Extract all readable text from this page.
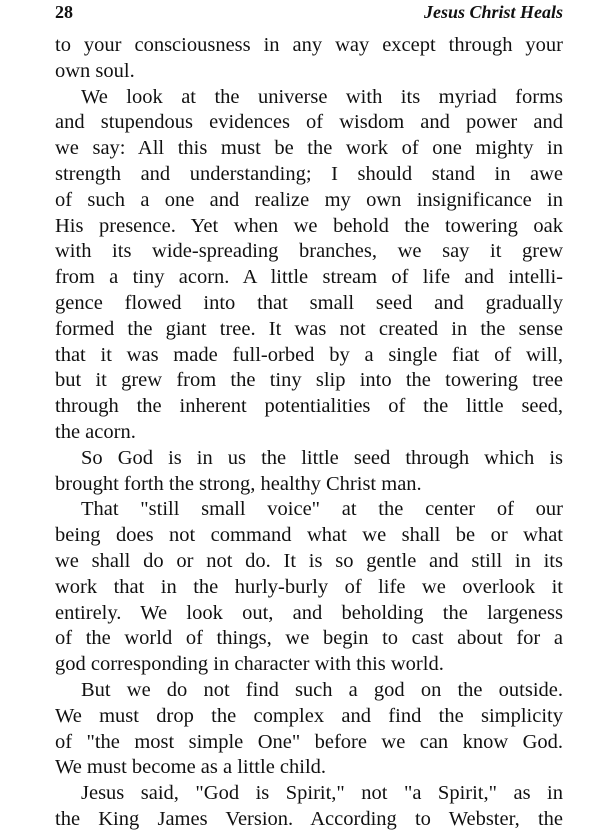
28	Jesus Christ Heals
to your consciousness in any way except through your
own soul.
We look at the universe with its myriad forms
and stupendous evidences of wisdom and power and
we say: All this must be the work of one mighty in
strength and understanding; I should stand in awe
of such a one and realize my own insignificance in
His presence. Yet when we behold the towering oak
with its wide-spreading branches, we say it grew
from a tiny acorn. A little stream of life and intelli-
gence flowed into that small seed and gradually
formed the giant tree. It was not created in the sense
that it was made full-orbed by a single fiat of will,
but it grew from the tiny slip into the towering tree
through the inherent potentialities of the little seed,
the acorn.
So God is in us the little seed through which is
brought forth the strong, healthy Christ man.
That "still small voice" at the center of our
being does not command what we shall be or what
we shall do or not do. It is so gentle and still in its
work that in the hurly-burly of life we overlook it
entirely. We look out, and beholding the largeness
of the world of things, we begin to cast about for a
god corresponding in character with this world.
But we do not find such a god on the outside.
We must drop the complex and find the simplicity
of "the most simple One" before we can know God.
We must become as a little child.
Jesus said, "God is Spirit," not "a Spirit," as in
the King James Version. According to Webster, the
